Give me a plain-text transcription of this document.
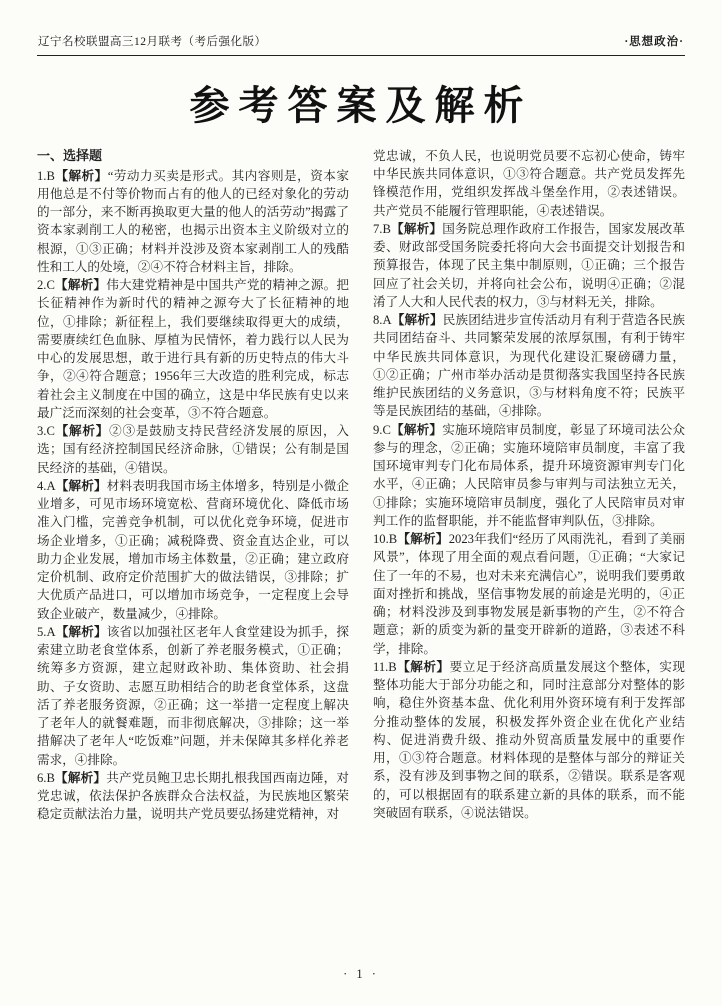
辽宁名校联盟高三12月联考（考后强化版）	·思想政治·
参考答案及解析
一、选择题

1.B【解析】“劳动力买卖是形式。其内容则是，资本家用他总是不付等价物而占有的他人的已经对象化的劳动的一部分，来不断再换取更大量的他人的活劳动”揭露了资本家剥削工人的秘密，也揭示出资本主义阶级对立的根源，①③正确；材料并没涉及资本家剥削工人的残酷性和工人的处境，②④不符合材料主旨，排除。

2.C【解析】伟大建党精神是中国共产党的精神之源。把长征精神作为新时代的精神之源夸大了长征精神的地位，①排除；新征程上，我们要继续取得更大的成绩，需要赓续红色血脉、厚植为民情怀，着力践行以人民为中心的发展思想，敢于进行具有新的历史特点的伟大斗争，②④符合题意；1956年三大改造的胜利完成，标志着社会主义制度在中国的确立，这是中华民族有史以来最广泛而深刻的社会变革，③不符合题意。

3.C【解析】②③是鼓励支持民营经济发展的原因，入选；国有经济控制国民经济命脉，①错误；公有制是国民经济的基础，④错误。

4.A【解析】材料表明我国市场主体增多，特别是小微企业增多，可见市场环境宽松、营商环境优化、降低市场准入门槛，完善竞争机制，可以优化竞争环境，促进市场企业增多，①正确；减税降费、资金直达企业，可以助力企业发展，增加市场主体数量，②正确；建立政府定价机制、政府定价范围扩大的做法错误，③排除；扩大优质产品进口，可以增加市场竞争，一定程度上会导致企业破产，数量减少，④排除。

5.A【解析】该省以加强社区老年人食堂建设为抓手，探索建立助老食堂体系，创新了养老服务模式，①正确；统筹多方资源，建立起财政补助、集体资助、社会捐助、子女资助、志愿互助相结合的助老食堂体系，这盘活了养老服务资源，②正确；这一举措一定程度上解决了老年人的就餐难题，而非彻底解决，③排除；这一举措解决了老年人“吃饭难”问题，并未保障其多样化养老需求，④排除。

6.B【解析】共产党员鲍卫忠长期扎根我国西南边陲，对党忠诚，依法保护各族群众合法权益，为民族地区繁荣稳定贡献法治力量，说明共产党员要弘扬建党精神，对

党忠诚，不负人民，也说明党员要不忘初心使命，铸牢中华民族共同体意识，①③符合题意。共产党员发挥先锋模范作用，党组织发挥战斗堡垒作用，②表述错误。共产党员不能履行管理职能，④表述错误。

7.B【解析】国务院总理作政府工作报告，国家发展改革委、财政部受国务院委托将向大会书面提交计划报告和预算报告，体现了民主集中制原则，①正确；三个报告回应了社会关切，并将向社会公布，说明④正确；②混淆了人大和人民代表的权力，③与材料无关，排除。

8.A【解析】民族团结进步宣传活动月有利于营造各民族共同团结奋斗、共同繁荣发展的浓厚氛围，有利于铸牢中华民族共同体意识，为现代化建设汇聚磅礴力量，①②正确；广州市举办活动是贯彻落实我国坚持各民族维护民族团结的义务意识，③与材料角度不符；民族平等是民族团结的基础，④排除。

9.C【解析】实施环境陪审员制度，彰显了环境司法公众参与的理念，②正确；实施环境陪审员制度，丰富了我国环境审判专门化布局体系，提升环境资源审判专门化水平，④正确；人民陪审员参与审判与司法独立无关，①排除；实施环境陪审员制度，强化了人民陪审员对审判工作的监督职能，并不能监督审判队伍，③排除。

10.B【解析】2023年我们“经历了风雨洗礼，看到了美丽风景”，体现了用全面的观点看问题，①正确；“大家记住了一年的不易，也对未来充满信心”，说明我们要勇敢面对挫折和挑战，坚信事物发展的前途是光明的，④正确；材料没涉及到事物发展是新事物的产生，②不符合题意；新的质变为新的量变开辟新的道路，③表述不科学，排除。

11.B【解析】要立足于经济高质量发展这个整体，实现整体功能大于部分功能之和，同时注意部分对整体的影响，稳住外资基本盘、优化利用外资环境有利于发挥部分推动整体的发展，积极发挥外资企业在优化产业结构、促进消费升级、推动外贸高质量发展中的重要作用，①③符合题意。材料体现的是整体与部分的辩证关系，没有涉及到事物之间的联系，②错误。联系是客观的，可以根据固有的联系建立新的具体的联系，而不能突破固有联系，④说法错误。

· 1 ·
